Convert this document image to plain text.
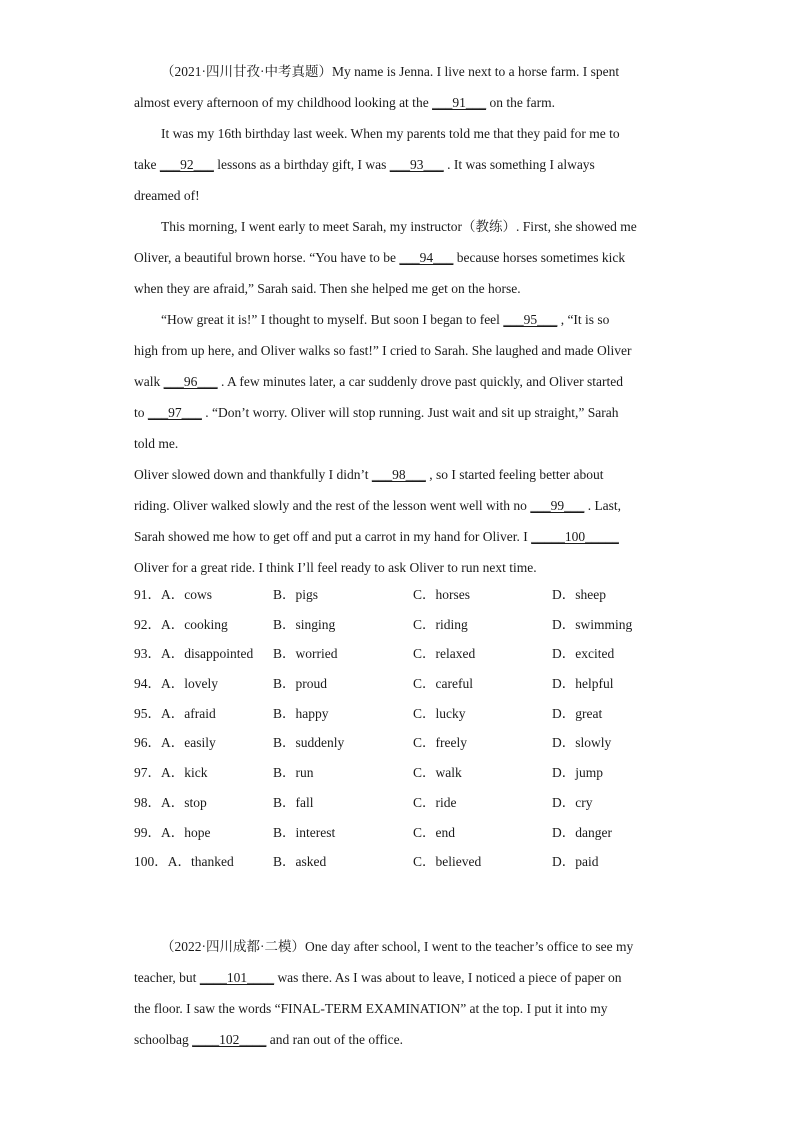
（2021·四川甘孜·中考真题）My name is Jenna. I live next to a horse farm. I spent

almost every afternoon of my childhood looking at the ___91___ on the farm.

It was my 16th birthday last week. When my parents told me that they paid for me to

take ___92___ lessons as a birthday gift, I was ___93___ . It was something I always

dreamed of!

This morning, I went early to meet Sarah, my instructor（教练）. First, she showed me

Oliver, a beautiful brown horse. “You have to be ___94___ because horses sometimes kick

when they are afraid,” Sarah said. Then she helped me get on the horse.

“How great it is!” I thought to myself. But soon I began to feel ___95___ , “It is so

high from up here, and Oliver walks so fast!” I cried to Sarah. She laughed and made Oliver

walk ___96___ . A few minutes later, a car suddenly drove past quickly, and Oliver started

to ___97___ . “Don’t worry. Oliver will stop running. Just wait and sit up straight,” Sarah

told me.

Oliver slowed down and thankfully I didn’t ___98___ , so I started feeling better about

riding. Oliver walked slowly and the rest of the lesson went well with no ___99___ . Last,

Sarah showed me how to get off and put a carrot in my hand for Oliver. I _____100_____

Oliver for a great ride. I think I’ll feel ready to ask Oliver to run next time.

91．A．cows	B．pigs	C．horses	D．sheep
92．A．cooking	B．singing	C．riding	D．swimming
93．A．disappointed B．worried	C．relaxed	D．excited
94．A．lovely	B．proud	C．careful	D．helpful
95．A．afraid	B．happy	C．lucky	D．great
96．A．easily	B．suddenly	C．freely	D．slowly
97．A．kick	B．run	C．walk	D．jump
98．A．stop	B．fall	C．ride	D．cry
99．A．hope	B．interest	C．end	D．danger
100．A．thanked	B．asked	C．believed	D．paid

（2022·四川成都·二模）One day after school, I went to the teacher’s office to see my

teacher, but ____101____ was there. As I was about to leave, I noticed a piece of paper on

the floor. I saw the words “FINAL-TERM EXAMINATION” at the top. I put it into my

schoolbag ____102____ and ran out of the office.
